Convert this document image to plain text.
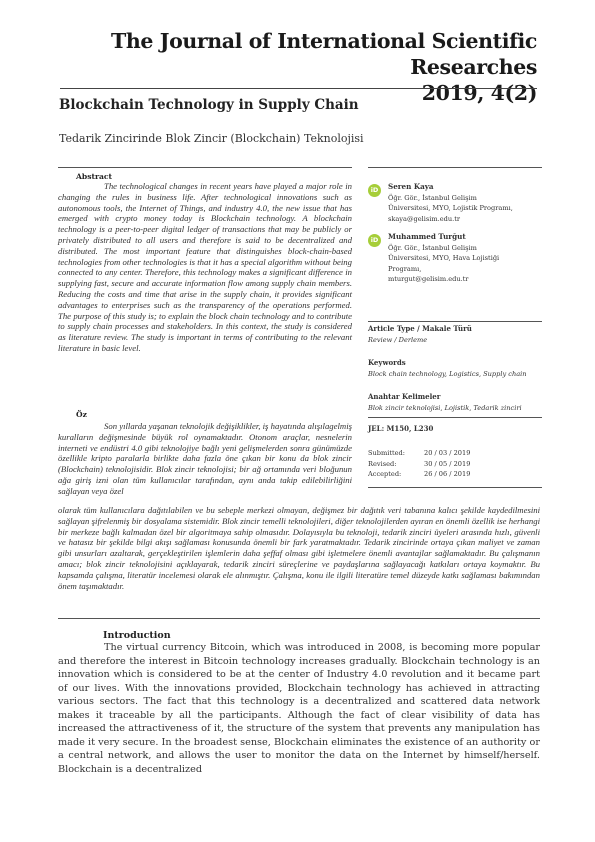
The Journal of International Scientific Researches
2019, 4(2)
Blockchain Technology in Supply Chain
Tedarik Zincirinde Blok Zincir (Blockchain) Teknolojisi
Abstract

The technological changes in recent years have played a major role in changing the rules in business life. After technological innovations such as autonomous tools, the Internet of Things, and industry 4.0, the new issue that has emerged with crypto money today is Blockchain technology. A blockchain technology is a peer-to-peer digital ledger of transactions that may be publicly or privately distributed to all users and therefore is said to be decentralized and distributed. The most important feature that distinguishes block-chain-based technologies from other technologies is that it has a special algorithm without being connected to any center. Therefore, this technology makes a significant difference in supplying fast, secure and accurate information flow among supply chain members. Reducing the costs and time that arise in the supply chain, it provides significant advantages to enterprises such as the transparency of the operations performed. The purpose of this study is; to explain the block chain technology and to contribute to supply chain processes and stakeholders. In this context, the study is considered as literature review. The study is important in terms of contributing to the relevant literature in basic level.

Öz

Son yıllarda yaşanan teknolojik değişiklikler, iş hayatında alışılagelmiş kuralların değişmesinde büyük rol oynamaktadır. Otonom araçlar, nesnelerin interneti ve endüstri 4.0 gibi teknolojiye bağlı yeni gelişmelerden sonra günümüzde özellikle kripto paralarla birlikte daha fazla öne çıkan bir konu da blok zincir (Blockchain) teknolojisidir. Blok zincir teknolojisi; bir ağ ortamında veri bloğunun ağa giriş izni olan tüm kullanıcılar tarafından, aynı anda takip edilebilirliğini sağlayan veya özel

olarak tüm kullanıcılara dağıtılabilen ve bu sebeple merkezi olmayan, değişmez bir dağıtık veri tabanına kalıcı şekilde kaydedilmesini sağlayan şifrelenmiş bir dosyalama sistemidir. Blok zincir temelli teknolojileri, diğer teknolojilerden ayıran en önemli özellik ise herhangi bir merkeze bağlı kalmadan özel bir algoritmaya sahip olmasıdır. Dolayısıyla bu teknoloji, tedarik zinciri üyeleri arasında hızlı, güvenli ve hatasız bir şekilde bilgi akışı sağlaması konusunda önemli bir fark yaratmaktadır. Tedarik zincirinde ortaya çıkan maliyet ve zaman gibi unsurları azaltarak, gerçekleştirilen işlemlerin daha şeffaf olması gibi işletmelere önemli avantajlar sağlamaktadır. Bu çalışmanın amacı; blok zincir teknolojisini açıklayarak, tedarik zinciri süreçlerine ve paydaşlarına sağlayacağı katkıları ortaya koymaktır. Bu kapsamda çalışma, literatür incelemesi olarak ele alınmıştır. Çalışma, konu ile ilgili literatüre temel düzeyde katkı sağlaması bakımından önem taşımaktadır.

iD	Seren Kaya
Öğr. Gör., İstanbul Gelişim
Üniversitesi, MYO, Lojistik Programı,
skaya@gelisim.edu.tr
iD	Muhammed Turğut
Öğr. Gör., İstanbul Gelişim
Üniversitesi, MYO, Hava Lojistiği
Programı,
mturgut@gelisim.edu.tr
Article Type / Makale Türü
Review / Derleme
Keywords
Block chain technology, Logistics, Supply chain
Anahtar Kelimeler
Blok zincir teknolojisi, Lojistik, Tedarik zinciri
JEL: M150, L230
Submitted:	20 / 03 / 2019
Revised:	30 / 05 / 2019
Accepted:	26 / 06 / 2019
Introduction

The virtual currency Bitcoin, which was introduced in 2008, is becoming more popular and therefore the interest in Bitcoin technology increases gradually. Blockchain technology is an innovation which is considered to be at the center of Industry 4.0 revolution and it became part of our lives. With the innovations provided, Blockchain technology has achieved in attracting various sectors. The fact that this technology is a decentralized and scattered data network makes it traceable by all the participants. Although the fact of clear visibility of data has increased the attractiveness of it, the structure of the system that prevents any manipulation has made it very secure. In the broadest sense, Blockchain eliminates the existence of an authority or a central network, and allows the user to monitor the data on the Internet by himself/herself. Blockchain is a decentralized
